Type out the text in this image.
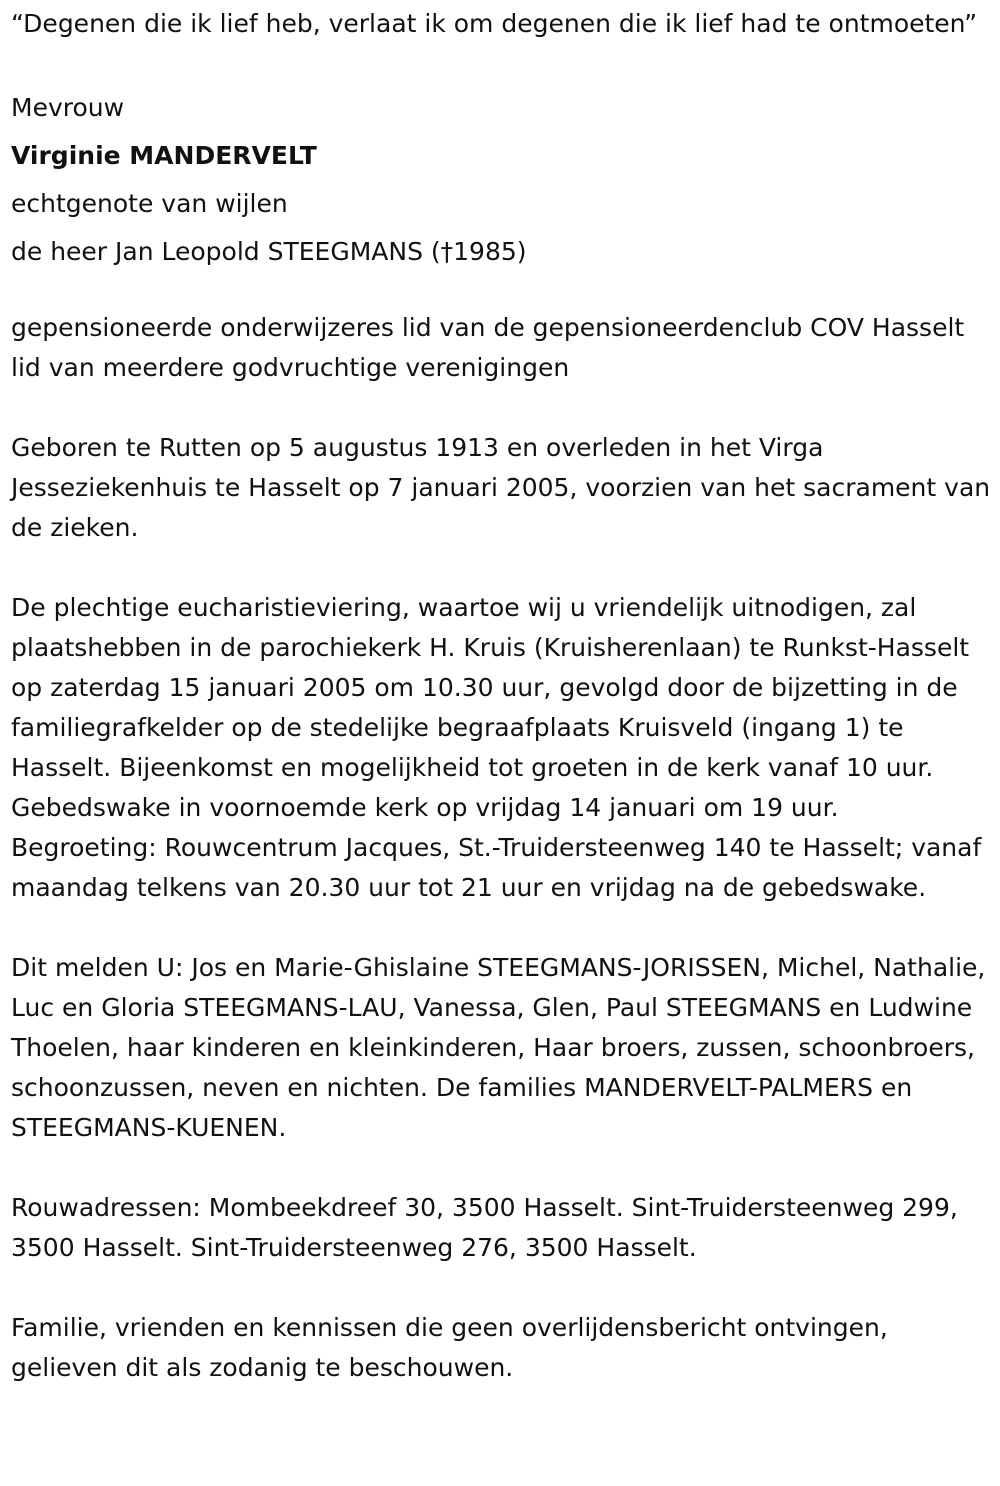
“Degenen die ik lief heb, verlaat ik om degenen die ik lief had te ontmoeten”

Mevrouw
Virginie MANDERVELT
echtgenote van wijlen
de heer Jan Leopold STEEGMANS (†1985)

gepensioneerde onderwijzeres lid van de gepensioneerdenclub COV Hasselt lid van meerdere godvruchtige verenigingen

Geboren te Rutten op 5 augustus 1913 en overleden in het Virga Jesseziekenhuis te Hasselt op 7 januari 2005, voorzien van het sacrament van de zieken.

De plechtige eucharistieviering, waartoe wij u vriendelijk uitnodigen, zal plaatshebben in de parochiekerk H. Kruis (Kruisherenlaan) te Runkst-Hasselt op zaterdag 15 januari 2005 om 10.30 uur, gevolgd door de bijzetting in de familiegrafkelder op de stedelijke begraafplaats Kruisveld (ingang 1) te Hasselt. Bijeenkomst en mogelijkheid tot groeten in de kerk vanaf 10 uur. Gebedswake in voornoemde kerk op vrijdag 14 januari om 19 uur. Begroeting: Rouwcentrum Jacques, St.-Truidersteenweg 140 te Hasselt; vanaf maandag telkens van 20.30 uur tot 21 uur en vrijdag na de gebedswake.

Dit melden U: Jos en Marie-Ghislaine STEEGMANS-JORISSEN, Michel, Nathalie, Luc en Gloria STEEGMANS-LAU, Vanessa, Glen, Paul STEEGMANS en Ludwine Thoelen, haar kinderen en kleinkinderen, Haar broers, zussen, schoonbroers, schoonzussen, neven en nichten. De families MANDERVELT-PALMERS en STEEGMANS-KUENEN.

Rouwadressen: Mombeekdreef 30, 3500 Hasselt. Sint-Truidersteenweg 299, 3500 Hasselt. Sint-Truidersteenweg 276, 3500 Hasselt.

Familie, vrienden en kennissen die geen overlijdensbericht ontvingen, gelieven dit als zodanig te beschouwen.
